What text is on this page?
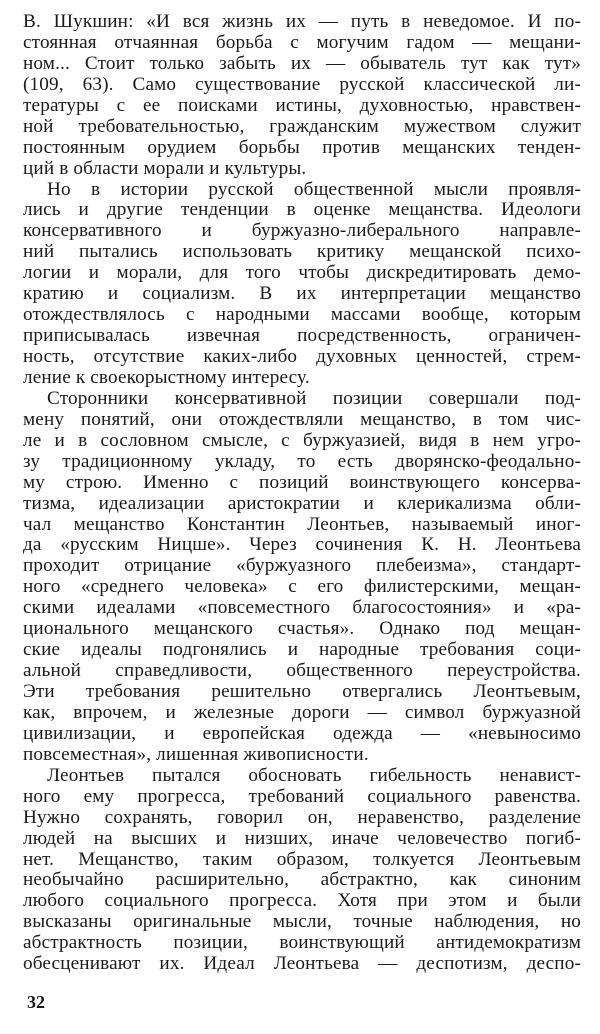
В. Шукшин: «И вся жизнь их — путь в неведомое. И по-
стоянная отчаянная борьба с могучим гадом — мещани-
ном... Стоит только забыть их — обыватель тут как тут»
(109, 63). Само существование русской классической ли-
тературы с ее поисками истины, духовностью, нравствен-
ной требовательностью, гражданским мужеством служит
постоянным орудием борьбы против мещанских тенден-
ций в области морали и культуры.
Но в истории русской общественной мысли проявля-
лись и другие тенденции в оценке мещанства. Идеологи
консервативного и буржуазно-либерального направле-
ний пытались использовать критику мещанской психо-
логии и морали, для того чтобы дискредитировать демо-
кратию и социализм. В их интерпретации мещанство
отождествлялось с народными массами вообще, которым
приписывалась извечная посредственность, ограничен-
ность, отсутствие каких-либо духовных ценностей, стрем-
ление к своекорыстному интересу.
Сторонники консервативной позиции совершали под-
мену понятий, они отождествляли мещанство, в том чис-
ле и в сословном смысле, с буржуазией, видя в нем угро-
зу традиционному укладу, то есть дворянско-феодально-
му строю. Именно с позиций воинствующего консерва-
тизма, идеализации аристократии и клерикализма обли-
чал мещанство Константин Леонтьев, называемый иног-
да «русским Ницше». Через сочинения К. Н. Леонтьева
проходит отрицание «буржуазного плебеизма», стандарт-
ного «среднего человека» с его филистерскими, мещан-
скими идеалами «повсеместного благосостояния» и «ра-
ционального мещанского счастья». Однако под мещан-
ские идеалы подгонялись и народные требования соци-
альной справедливости, общественного переустройства.
Эти требования решительно отвергались Леонтьевым,
как, впрочем, и железные дороги — символ буржуазной
цивилизации, и европейская одежда — «невыносимо
повсеместная», лишенная живописности.
Леонтьев пытался обосновать гибельность ненавист-
ного ему прогресса, требований социального равенства.
Нужно сохранять, говорил он, неравенство, разделение
людей на высших и низших, иначе человечество погиб-
нет. Мещанство, таким образом, толкуется Леонтьевым
необычайно расширительно, абстрактно, как синоним
любого социального прогресса. Хотя при этом и были
высказаны оригинальные мысли, точные наблюдения, но
абстрактность позиции, воинствующий антидемократизм
обесценивают их. Идеал Леонтьева — деспотизм, деспо-
32
